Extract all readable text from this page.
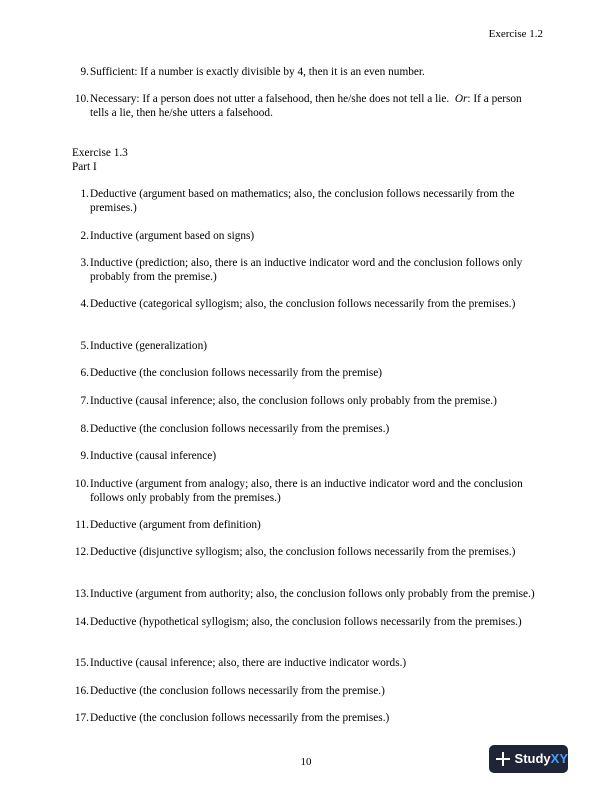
Exercise 1.2
9. Sufficient: If a number is exactly divisible by 4, then it is an even number.
10. Necessary: If a person does not utter a falsehood, then he/she does not tell a lie. Or: If a person tells a lie, then he/she utters a falsehood.
Exercise 1.3
Part I
1. Deductive (argument based on mathematics; also, the conclusion follows necessarily from the premises.)
2. Inductive (argument based on signs)
3. Inductive (prediction; also, there is an inductive indicator word and the conclusion follows only probably from the premise.)
4. Deductive (categorical syllogism; also, the conclusion follows necessarily from the premises.)
5. Inductive (generalization)
6. Deductive (the conclusion follows necessarily from the premise)
7. Inductive (causal inference; also, the conclusion follows only probably from the premise.)
8. Deductive (the conclusion follows necessarily from the premises.)
9. Inductive (causal inference)
10. Inductive (argument from analogy; also, there is an inductive indicator word and the conclusion follows only probably from the premises.)
11. Deductive (argument from definition)
12. Deductive (disjunctive syllogism; also, the conclusion follows necessarily from the premises.)
13. Inductive (argument from authority; also, the conclusion follows only probably from the premise.)
14. Deductive (hypothetical syllogism; also, the conclusion follows necessarily from the premises.)
15. Inductive (causal inference; also, there are inductive indicator words.)
16. Deductive (the conclusion follows necessarily from the premise.)
17. Deductive (the conclusion follows necessarily from the premises.)
10	StudyXY
